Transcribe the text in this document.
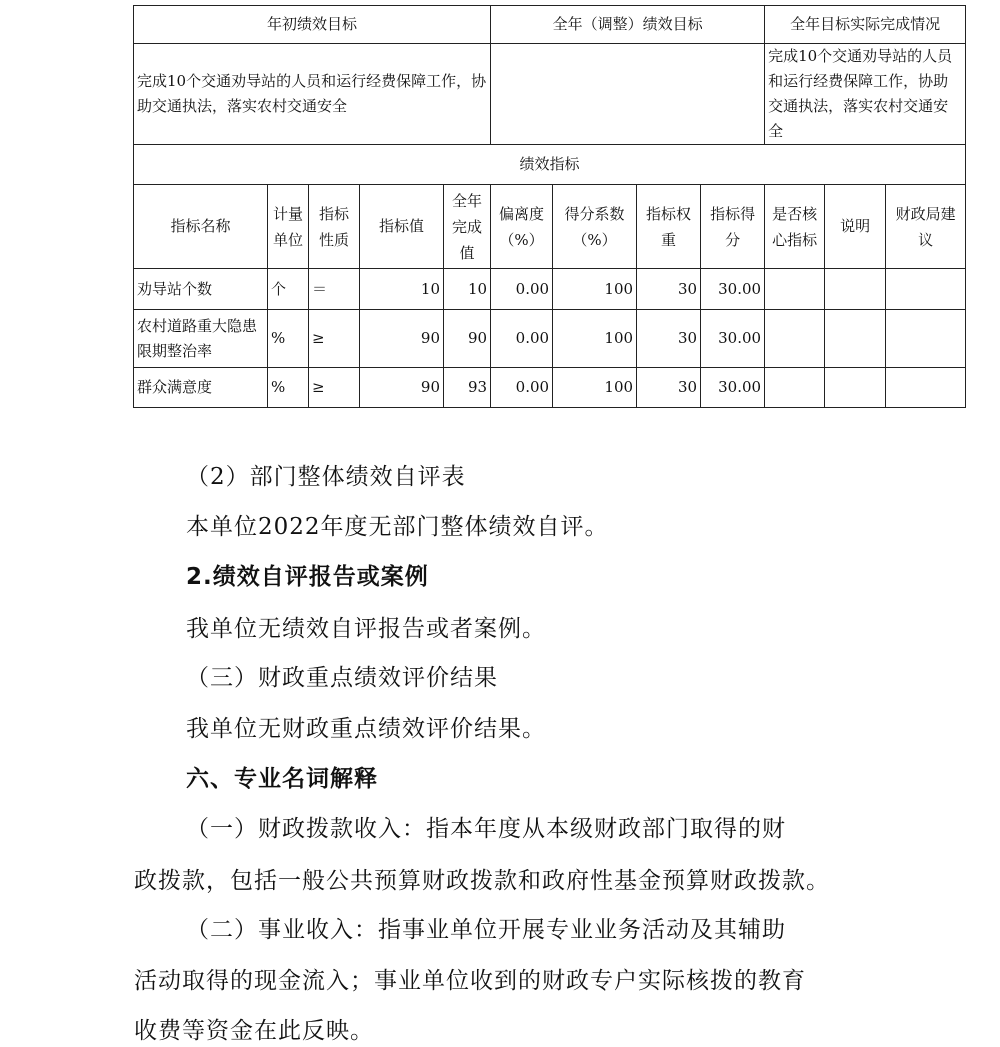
年初绩效目标					全年（调整）绩效目标				全年目标实际完成情况		
完成10个交通劝导站的人员和运行经费保障工作，协助交通执法，落实农村交通安全									完成10个交通劝导站的人员和运行经费保障工作，协助交通执法，落实农村交通安全		
绩效指标											
指标名称	计量单位	指标性质	指标值	全年完成值	偏离度（%）	得分系数（%）	指标权重	指标得分	是否核心指标	说明	财政局建议
劝导站个数	个	＝	10	10	0.00	100	30	30.00			
农村道路重大隐患限期整治率	%	≥	90	90	0.00	100	30	30.00			
群众满意度	%	≥	90	93	0.00	100	30	30.00			

（2）部门整体绩效自评表

本单位2022年度无部门整体绩效自评。

2.绩效自评报告或案例

我单位无绩效自评报告或者案例。

（三）财政重点绩效评价结果

我单位无财政重点绩效评价结果。

六、专业名词解释

（一）财政拨款收入：指本年度从本级财政部门取得的财

政拨款，包括一般公共预算财政拨款和政府性基金预算财政拨款。

（二）事业收入：指事业单位开展专业业务活动及其辅助

活动取得的现金流入；事业单位收到的财政专户实际核拨的教育

收费等资金在此反映。
